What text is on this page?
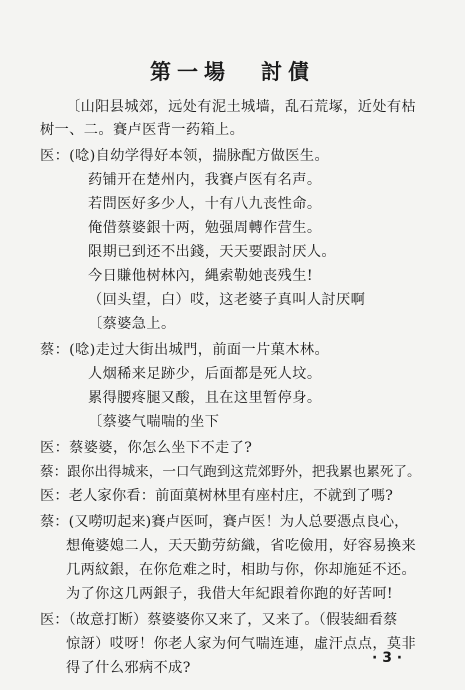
第一場 討債
〔山阳县城郊，远处有泥土城墙，乱石荒塚，近处有枯
树一、二。賽卢医背一药箱上。
医：(唸)自幼学得好本领，揣脉配方做医生。
药铺开在楚州内，我賽卢医有名声。
若問医好多少人，十有八九丧性命。
俺借蔡婆銀十两，勉强周轉作营生。
限期已到还不出錢，天天要跟討厌人。
今日賺他树林內，縄索勒她丧残生!
（回头望，白）哎，这老婆子真叫人討厌啊
〔蔡婆急上。
蔡：(唸)走过大街出城門，前面一片菓木林。
人烟稀来足跡少，后面都是死人坟。
累得腰疼腿又酸，且在这里暂停身。
〔蔡婆气喘喘的坐下
医：蔡婆婆，你怎么坐下不走了?
蔡：跟你出得城来，一口气跑到这荒郊野外，把我累也累死了。
医：老人家你看：前面菓树林里有座村庄，不就到了嗎?
蔡：(又嘮叨起来)賽卢医呵，賽卢医！为人总要憑点良心，
想俺婆媳二人，天天勤劳紡織，省吃儉用，好容易換来
几两紋銀，在你危难之时，相助与你，你却施延不还。
为了你这几两銀子，我借大年紀跟着你跑的好苦呵!
医：（故意打断）蔡婆婆你又来了，又来了。（假装細看蔡
惊訝）哎呀！你老人家为何气喘连連，虛汗点点，莫非
得了什么邪病不成?
· 3 ·
